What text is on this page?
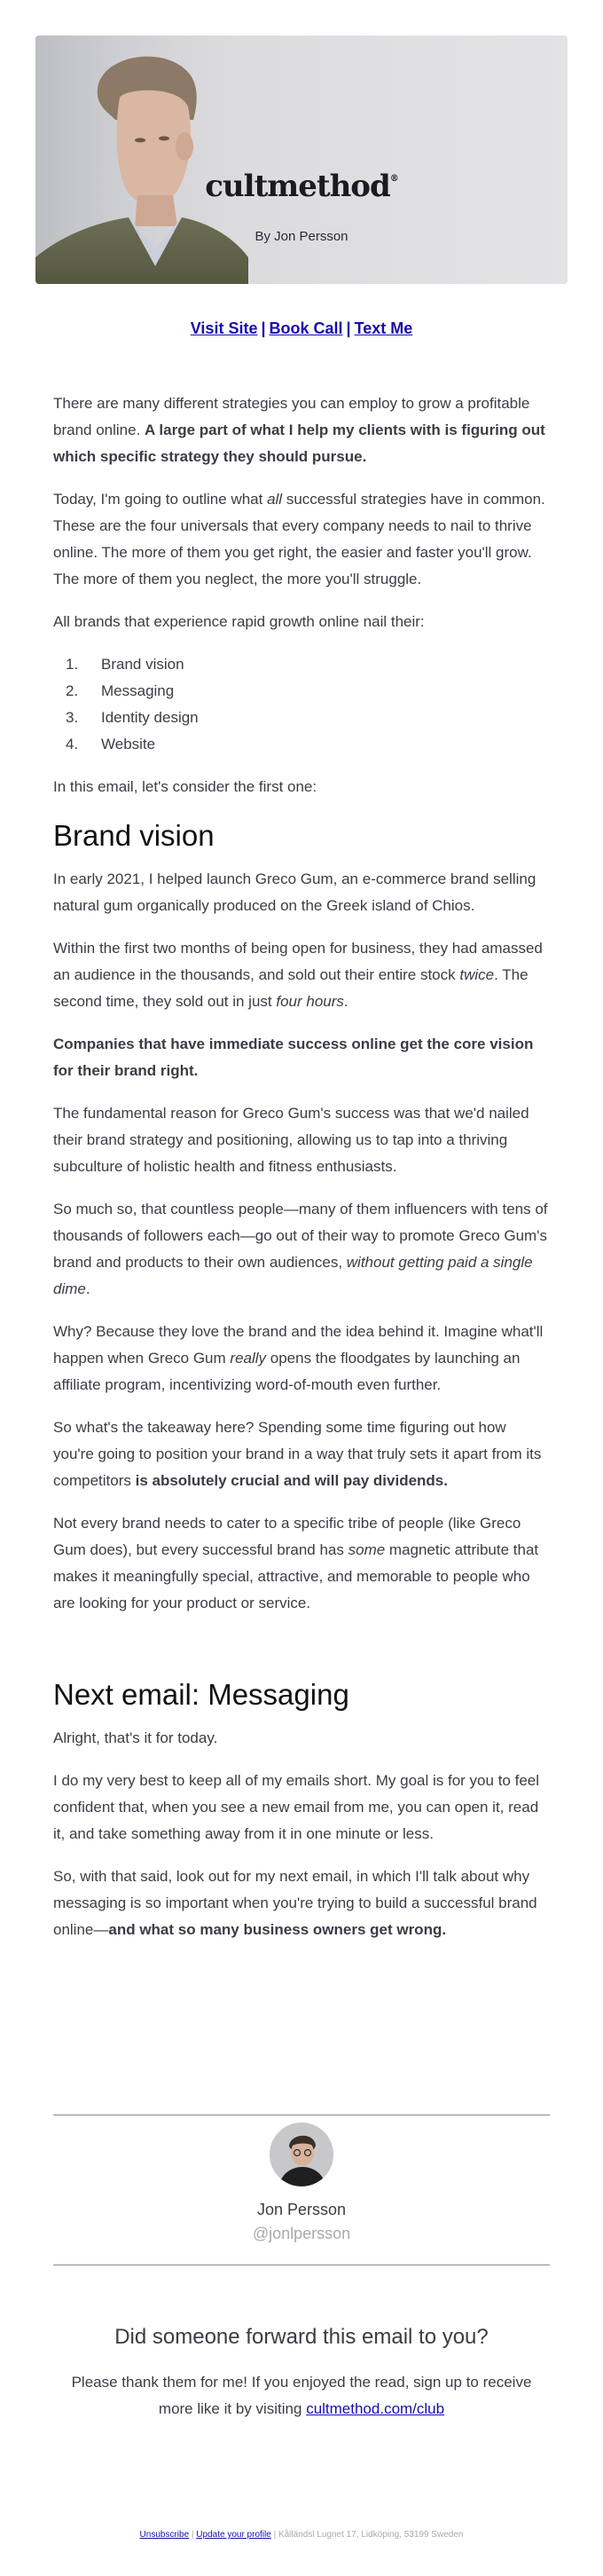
cultmethod®
By Jon Persson
Visit Site | Book Call | Text Me

There are many different strategies you can employ to grow a profitable brand online. A large part of what I help my clients with is figuring out which specific strategy they should pursue.

Today, I'm going to outline what all successful strategies have in common. These are the four universals that every company needs to nail to thrive online. The more of them you get right, the easier and faster you'll grow. The more of them you neglect, the more you'll struggle.

All brands that experience rapid growth online nail their:

1.	Brand vision
2.	Messaging
3.	Identity design
4.	Website

In this email, let's consider the first one:

Brand vision

In early 2021, I helped launch Greco Gum, an e-commerce brand selling natural gum organically produced on the Greek island of Chios.

Within the first two months of being open for business, they had amassed an audience in the thousands, and sold out their entire stock twice. The second time, they sold out in just four hours.

Companies that have immediate success online get the core vision for their brand right.

The fundamental reason for Greco Gum's success was that we'd nailed their brand strategy and positioning, allowing us to tap into a thriving subculture of holistic health and fitness enthusiasts.

So much so, that countless people—many of them influencers with tens of thousands of followers each—go out of their way to promote Greco Gum's brand and products to their own audiences, without getting paid a single dime.

Why? Because they love the brand and the idea behind it. Imagine what'll happen when Greco Gum really opens the floodgates by launching an affiliate program, incentivizing word-of-mouth even further.

So what's the takeaway here? Spending some time figuring out how you're going to position your brand in a way that truly sets it apart from its competitors is absolutely crucial and will pay dividends.

Not every brand needs to cater to a specific tribe of people (like Greco Gum does), but every successful brand has some magnetic attribute that makes it meaningfully special, attractive, and memorable to people who are looking for your product or service.

Next email: Messaging

Alright, that's it for today.

I do my very best to keep all of my emails short. My goal is for you to feel confident that, when you see a new email from me, you can open it, read it, and take something away from it in one minute or less.

So, with that said, look out for my next email, in which I'll talk about why messaging is so important when you're trying to build a successful brand online—and what so many business owners get wrong.

Jon Persson
@jonlpersson
Did someone forward this email to you?

Please thank them for me! If you enjoyed the read, sign up to receive more like it by visiting cultmethod.com/club

Unsubscribe | Update your profile | Kålländsl Lugnet 17, Lidköping, 53199 Sweden
